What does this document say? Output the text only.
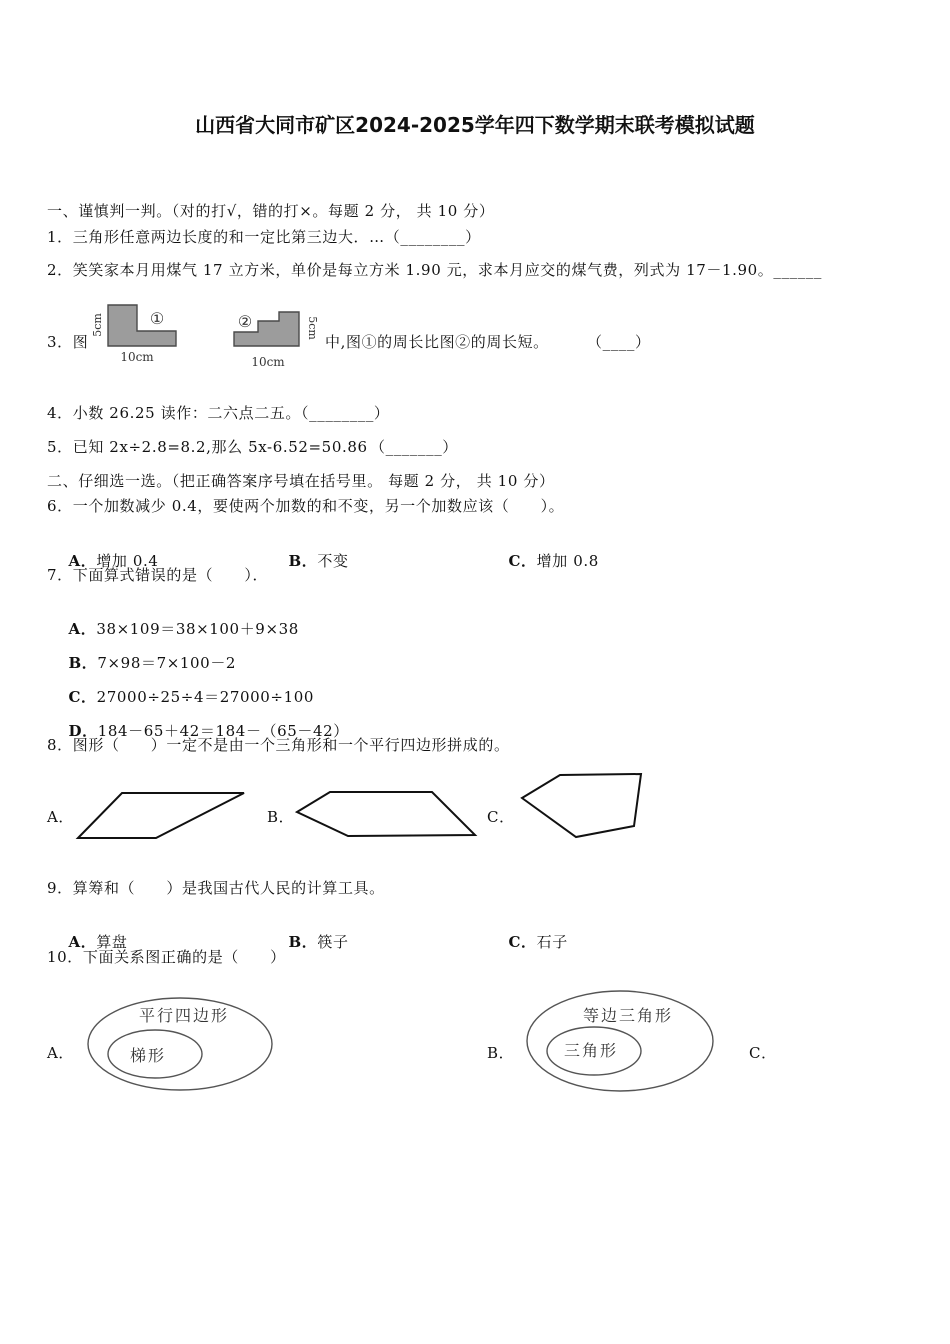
山西省大同市矿区2024-2025学年四下数学期末联考模拟试题
一、谨慎判一判。（对的打√，错的打×。每题 2 分， 共 10 分）
1．三角形任意两边长度的和一定比第三边大．…（________）
2．笑笑家本月用煤气 17 立方米，单价是每立方米 1.90 元，求本月应交的煤气费，列式为 17－1.90。______
3．图
①
5cm
10cm
②	5cm
10cm
中,图①的周长比图②的周长短。	（____）
4．小数 26.25 读作：二六点二五。（________）
5．已知 2x÷2.8=8.2,那么 5x-6.52=50.86 （_______）
二、仔细选一选。（把正确答案序号填在括号里。 每题 2 分， 共 10 分）
6．一个加数减少 0.4，要使两个加数的和不变，另一个加数应该（　　）。

A．增加 0.4
	B．不变
	C．增加 0.8

7．下面算式错误的是（　　）．

A．38×109＝38×100＋9×38

B．7×98＝7×100－2

C．27000÷25÷4＝27000÷100

D．184－65＋42＝184－（65－42）

8．图形（　　）一定不是由一个三角形和一个平行四边形拼成的。
A．	B．	C．
9．算筹和（　　）是我国古代人民的计算工具。

A．算盘
	B．筷子
	C．石子

10．下面关系图正确的是（　　）
A．	B．	C．
平行四边形
梯形
等边三角形
三角形
